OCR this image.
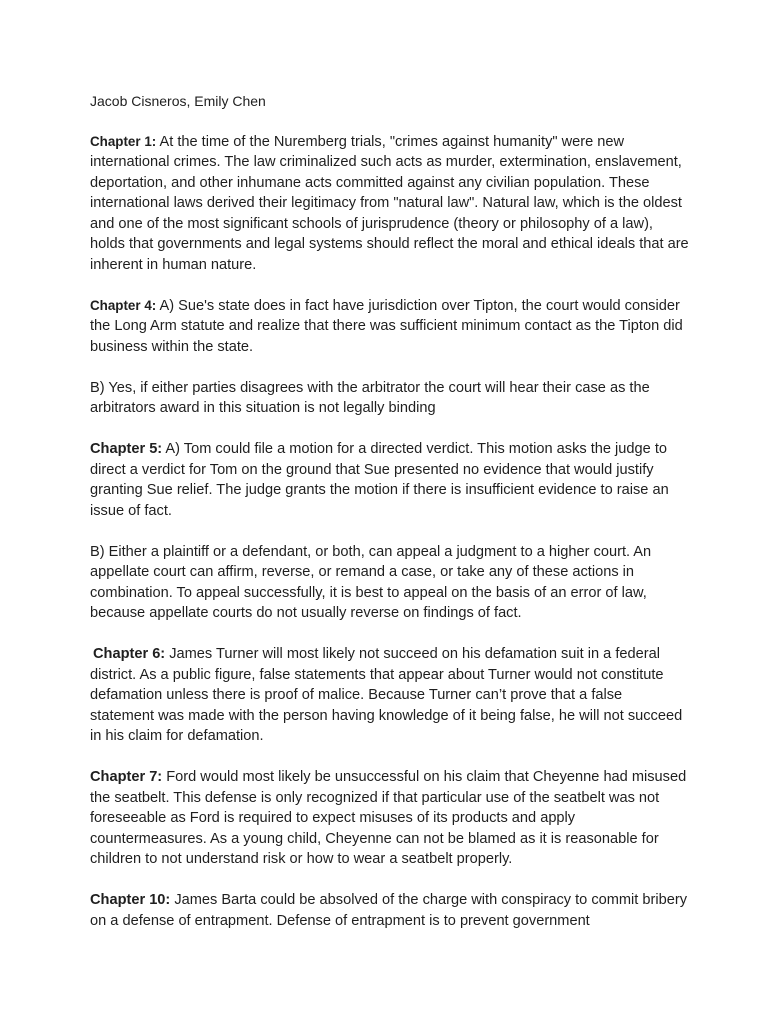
Jacob Cisneros, Emily Chen

Chapter 1: At the time of the Nuremberg trials, "crimes against humanity" were new international crimes. The law criminalized such acts as murder, extermination, enslavement, deportation, and other inhumane acts committed against any civilian population. These international laws derived their legitimacy from "natural law". Natural law, which is the oldest and one of the most significant schools of jurisprudence (theory or philosophy of a law), holds that governments and legal systems should reflect the moral and ethical ideals that are inherent in human nature.

Chapter 4: A) Sue's state does in fact have jurisdiction over Tipton, the court would consider the Long Arm statute and realize that there was sufficient minimum contact as the Tipton did business within the state.

B) Yes, if either parties disagrees with the arbitrator the court will hear their case as the arbitrators award in this situation is not legally binding

Chapter 5: A) Tom could file a motion for a directed verdict. This motion asks the judge to direct a verdict for Tom on the ground that Sue presented no evidence that would justify granting Sue relief. The judge grants the motion if there is insufficient evidence to raise an issue of fact.

B) Either a plaintiff or a defendant, or both, can appeal a judgment to a higher court. An appellate court can affirm, reverse, or remand a case, or take any of these actions in combination. To appeal successfully, it is best to appeal on the basis of an error of law, because appellate courts do not usually reverse on findings of fact.

Chapter 6: James Turner will most likely not succeed on his defamation suit in a federal district. As a public figure, false statements that appear about Turner would not constitute defamation unless there is proof of malice. Because Turner can’t prove that a false statement was made with the person having knowledge of it being false, he will not succeed in his claim for defamation.

Chapter 7: Ford would most likely be unsuccessful on his claim that Cheyenne had misused the seatbelt. This defense is only recognized if that particular use of the seatbelt was not foreseeable as Ford is required to expect misuses of its products and apply countermeasures. As a young child, Cheyenne can not be blamed as it is reasonable for children to not understand risk or how to wear a seatbelt properly.

Chapter 10: James Barta could be absolved of the charge with conspiracy to commit bribery on a defense of entrapment. Defense of entrapment is to prevent government
